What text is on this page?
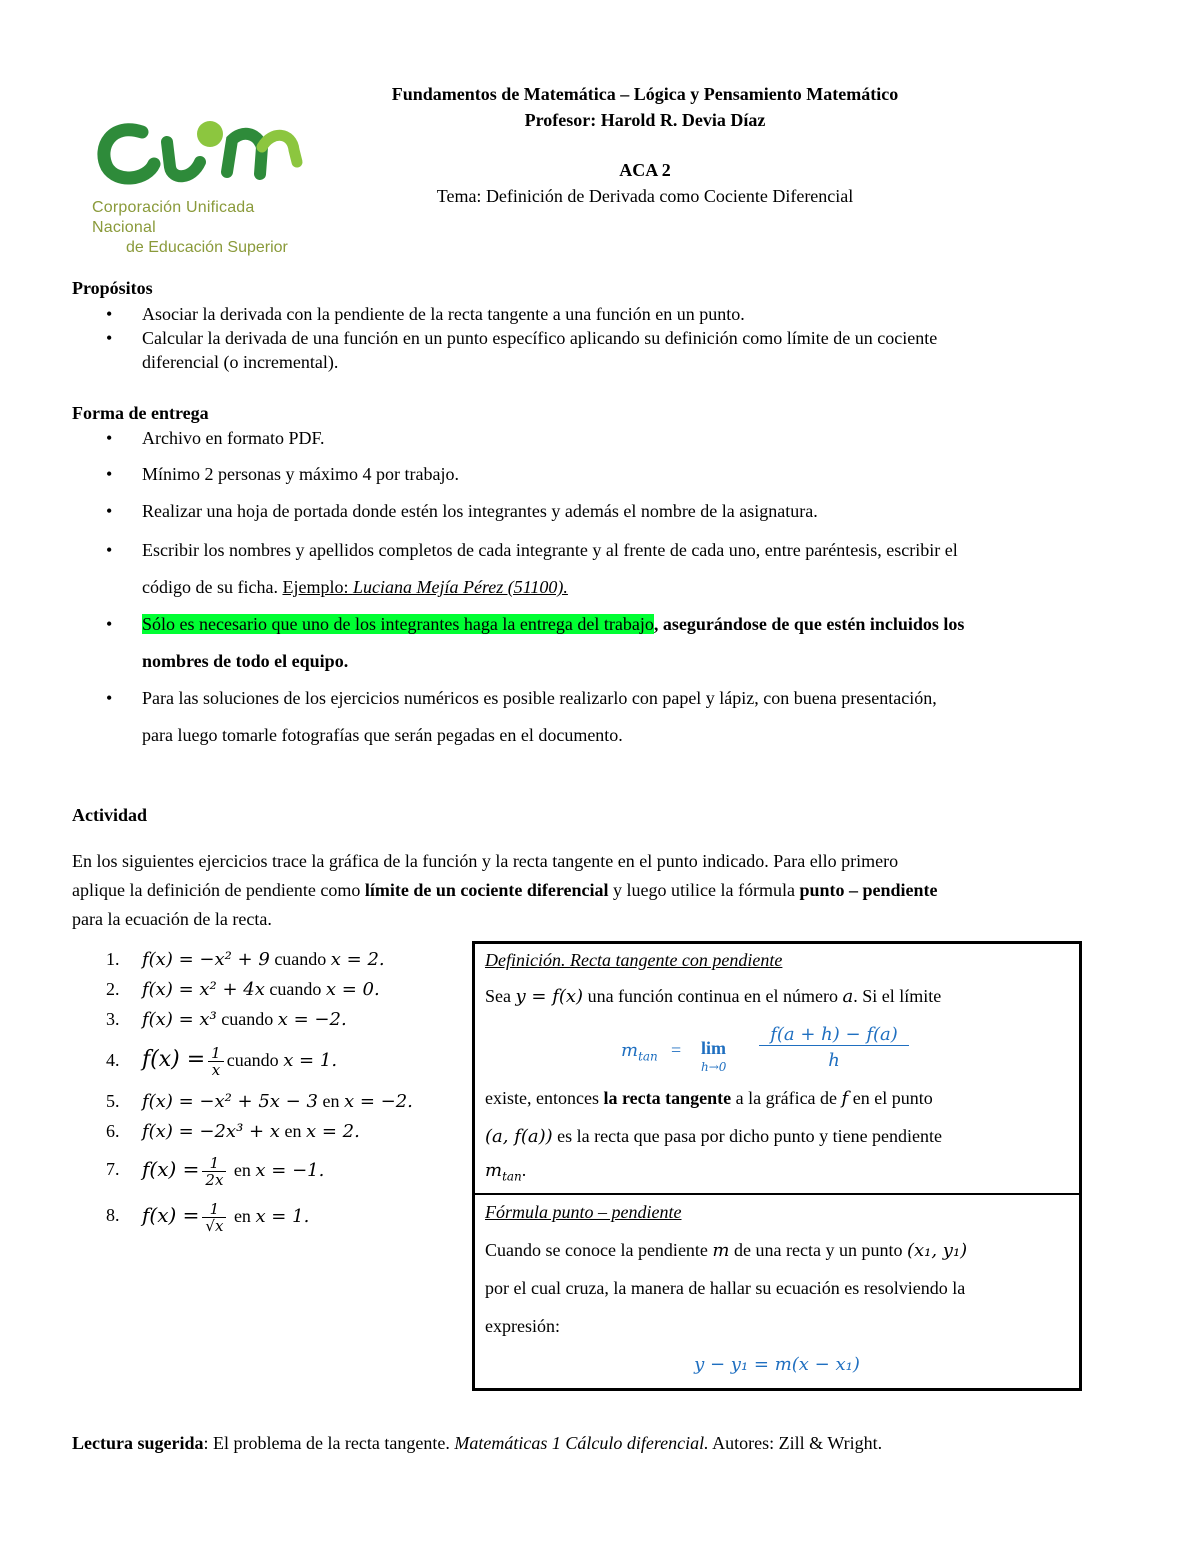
Corporación Unificada Nacional
de Educación Superior
Fundamentos de Matemática – Lógica y Pensamiento Matemático
Profesor: Harold R. Devia Díaz
ACA 2
Tema: Definición de Derivada como Cociente Diferencial
Propósitos
• Asociar la derivada con la pendiente de la recta tangente a una función en un punto.
• Calcular la derivada de una función en un punto específico aplicando su definición como límite de un cociente
diferencial (o incremental).
Forma de entrega
• Archivo en formato PDF.
• Mínimo 2 personas y máximo 4 por trabajo.
• Realizar una hoja de portada donde estén los integrantes y además el nombre de la asignatura.
• Escribir los nombres y apellidos completos de cada integrante y al frente de cada uno, entre paréntesis, escribir el
código de su ficha. Ejemplo: Luciana Mejía Pérez (51100).
• Sólo es necesario que uno de los integrantes haga la entrega del trabajo, asegurándose de que estén incluidos los
nombres de todo el equipo.
• Para las soluciones de los ejercicios numéricos es posible realizarlo con papel y lápiz, con buena presentación,
para luego tomarle fotografías que serán pegadas en el documento.
Actividad
En los siguientes ejercicios trace la gráfica de la función y la recta tangente en el punto indicado. Para ello primero
aplique la definición de pendiente como límite de un cociente diferencial y luego utilice la fórmula punto – pendiente
para la ecuación de la recta.
1. f(x) = −x² + 9 cuando x = 2.
2. f(x) = x² + 4x cuando x = 0.
3. f(x) = x³ cuando x = −2.
4. $f(x) = \frac{1}{x}$ cuando x = 1.
5. f(x) = −x² + 5x − 3 en x = −2.
6. f(x) = −2x³ + x en x = 2.
7. $f(x) = \frac{1}{2x}$ en x = −1.
8. $f(x) = \frac{1}{√x}$ en x = 1.
Definición. Recta tangente con pendiente
Sea y = f(x) una función continua en el número a. Si el límite
$m_{tan} = \lim$
h→0
f(a + h) − f(a)
h
existe, entonces la recta tangente a la gráfica de f en el punto
(a, f(a)) es la recta que pasa por dicho punto y tiene pendiente
$m_{tan}$.
Fórmula punto – pendiente
Cuando se conoce la pendiente m de una recta y un punto (x₁, y₁)
por el cual cruza, la manera de hallar su ecuación es resolviendo la
expresión:
y − y₁ = m(x − x₁)
Lectura sugerida: El problema de la recta tangente. Matemáticas 1 Cálculo diferencial. Autores: Zill & Wright.
